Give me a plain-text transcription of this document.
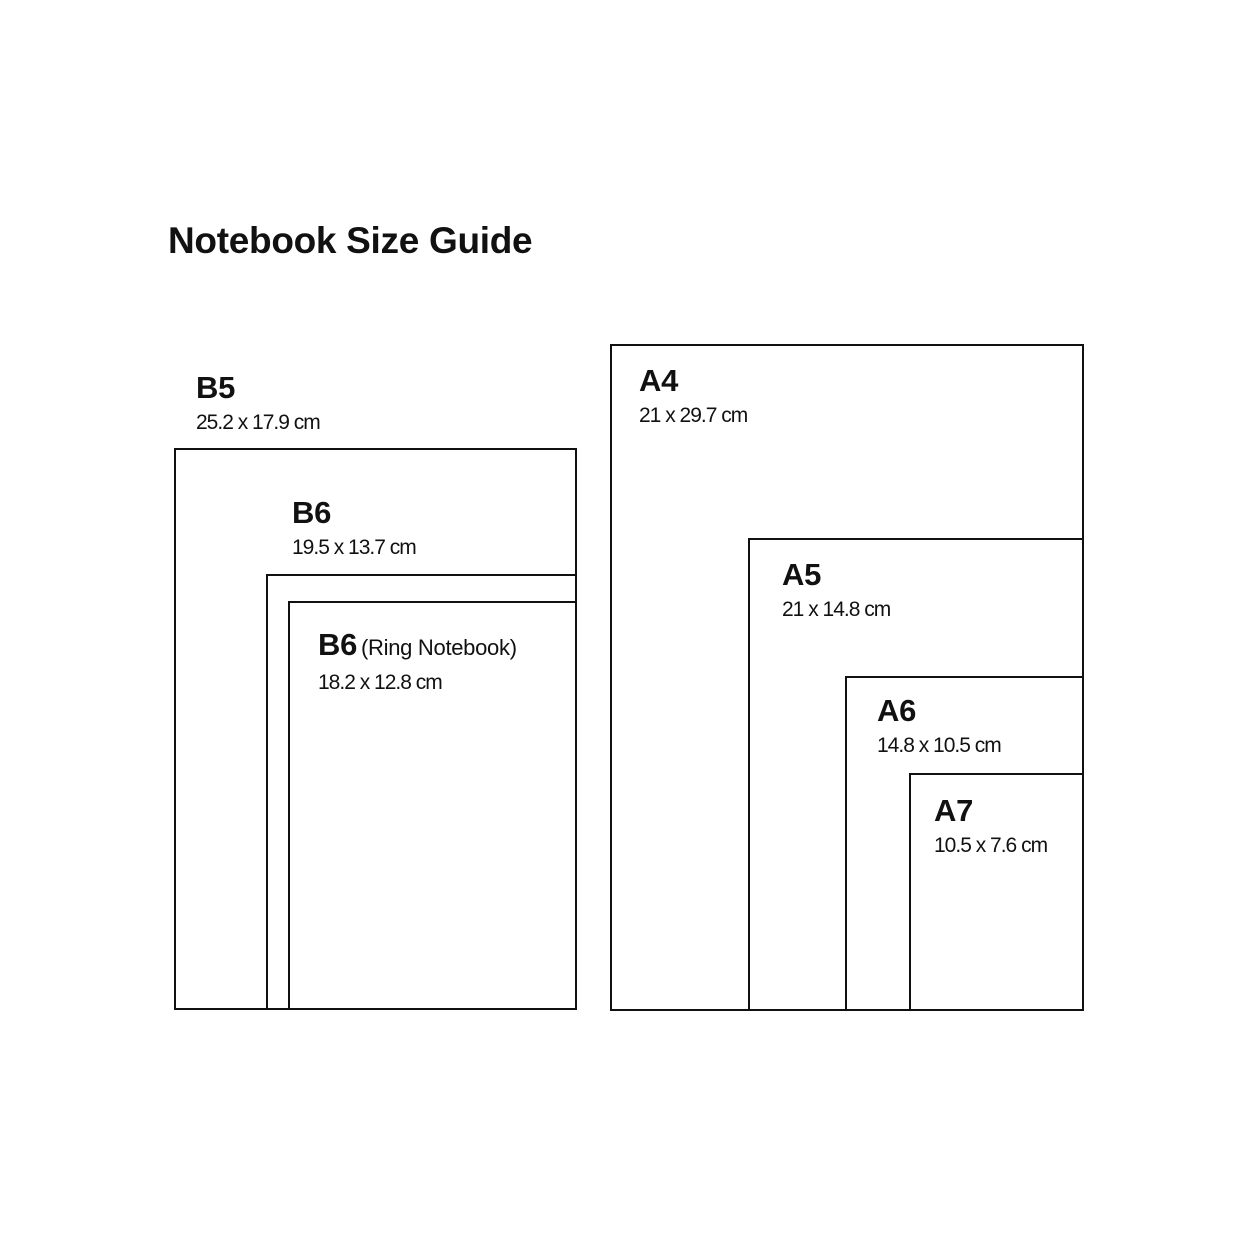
Notebook Size Guide
B5
25.2 x 17.9 cm
B6
19.5 x 13.7 cm
B6 (Ring Notebook)
18.2 x 12.8 cm
A4
21 x 29.7 cm
A5
21 x 14.8 cm
A6
14.8 x 10.5 cm
A7
10.5 x 7.6 cm
